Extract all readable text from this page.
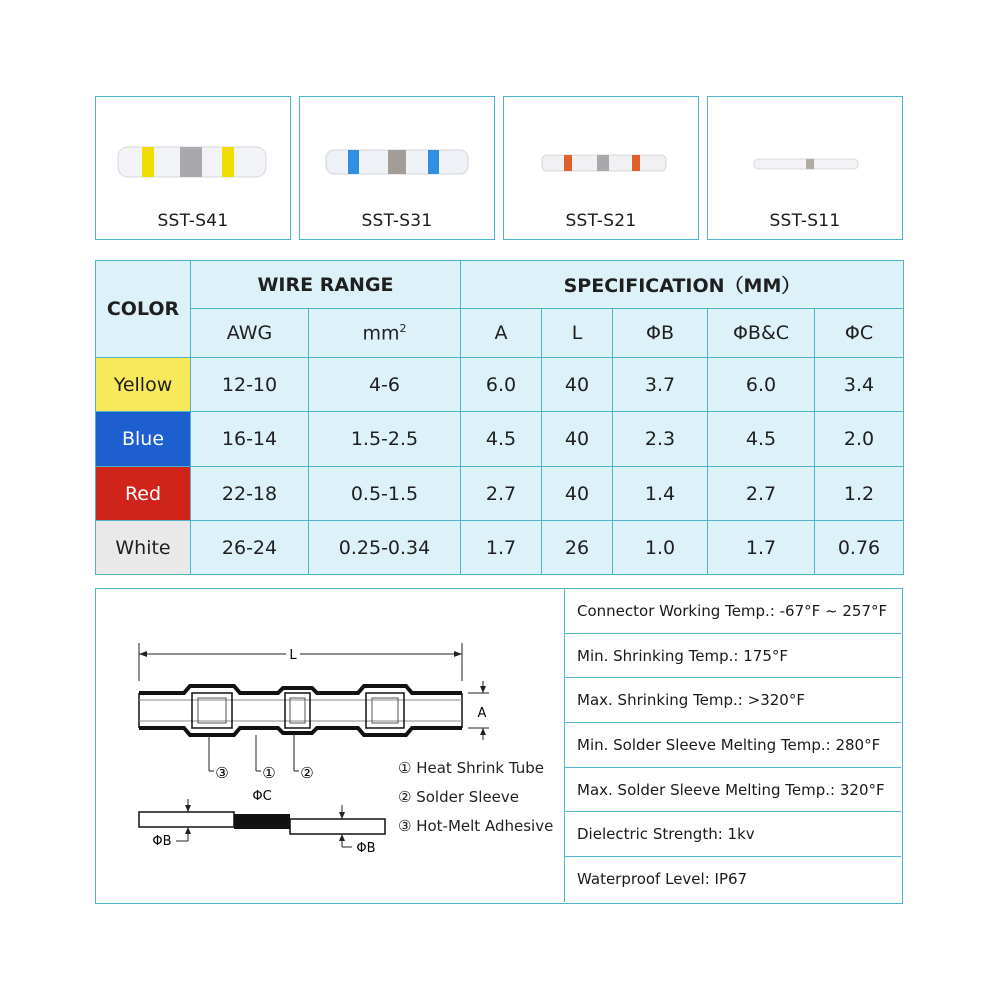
SST-S41	SST-S31	SST-S21	SST-S11
COLOR	WIRE RANGE		SPECIFICATION（MM）				
	AWG	$mm^2$	A	L	ΦB	ΦB&C	ΦC
Yellow	12-10	4-6	6.0	40	3.7	6.0	3.4
Blue	16-14	1.5-2.5	4.5	40	2.3	4.5	2.0
Red	22-18	0.5-1.5	2.7	40	1.4	2.7	1.2
White	26-24	0.25-0.34	1.7	26	1.0	1.7	0.76
L
A
③ ① ②
ΦC
ΦB	ΦB
① Heat Shrink Tube
② Solder Sleeve
③ Hot-Melt Adhesive
Connector Working Temp.: -67°F ~ 257°F
Min. Shrinking Temp.: 175°F
Max. Shrinking Temp.: >320°F
Min. Solder Sleeve Melting Temp.: 280°F
Max. Solder Sleeve Melting Temp.: 320°F
Dielectric Strength: 1kv
Waterproof Level: IP67
